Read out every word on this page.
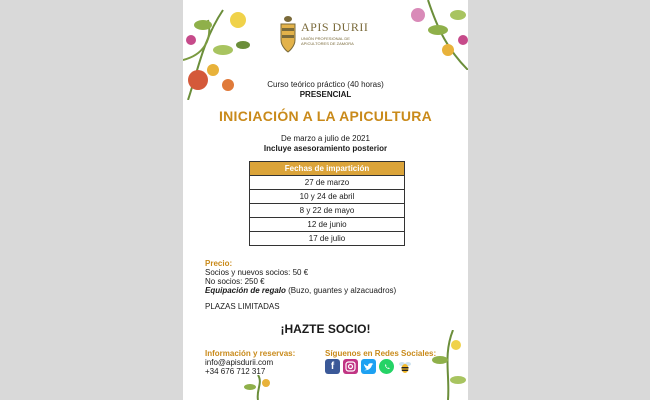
APIS DURII
UNIÓN PROFESIONAL DE APICULTORES DE ZAMORA
Curso teórico práctico (40 horas)
PRESENCIAL
INICIACIÓN A LA APICULTURA
De marzo a julio de 2021
Incluye asesoramiento posterior
Fechas de impartición
27 de marzo
10 y 24 de abril
8 y 22 de mayo
12 de junio
17 de julio
Precio:
Socios y nuevos socios: 50 €
No socios: 250 €
Equipación de regalo (Buzo, guantes y alzacuadros)
PLAZAS LIMITADAS
¡HAZTE SOCIO!
Información y reservas:
info@apisdurii.com
+34 676 712 317
Síguenos en Redes Sociales:
f
